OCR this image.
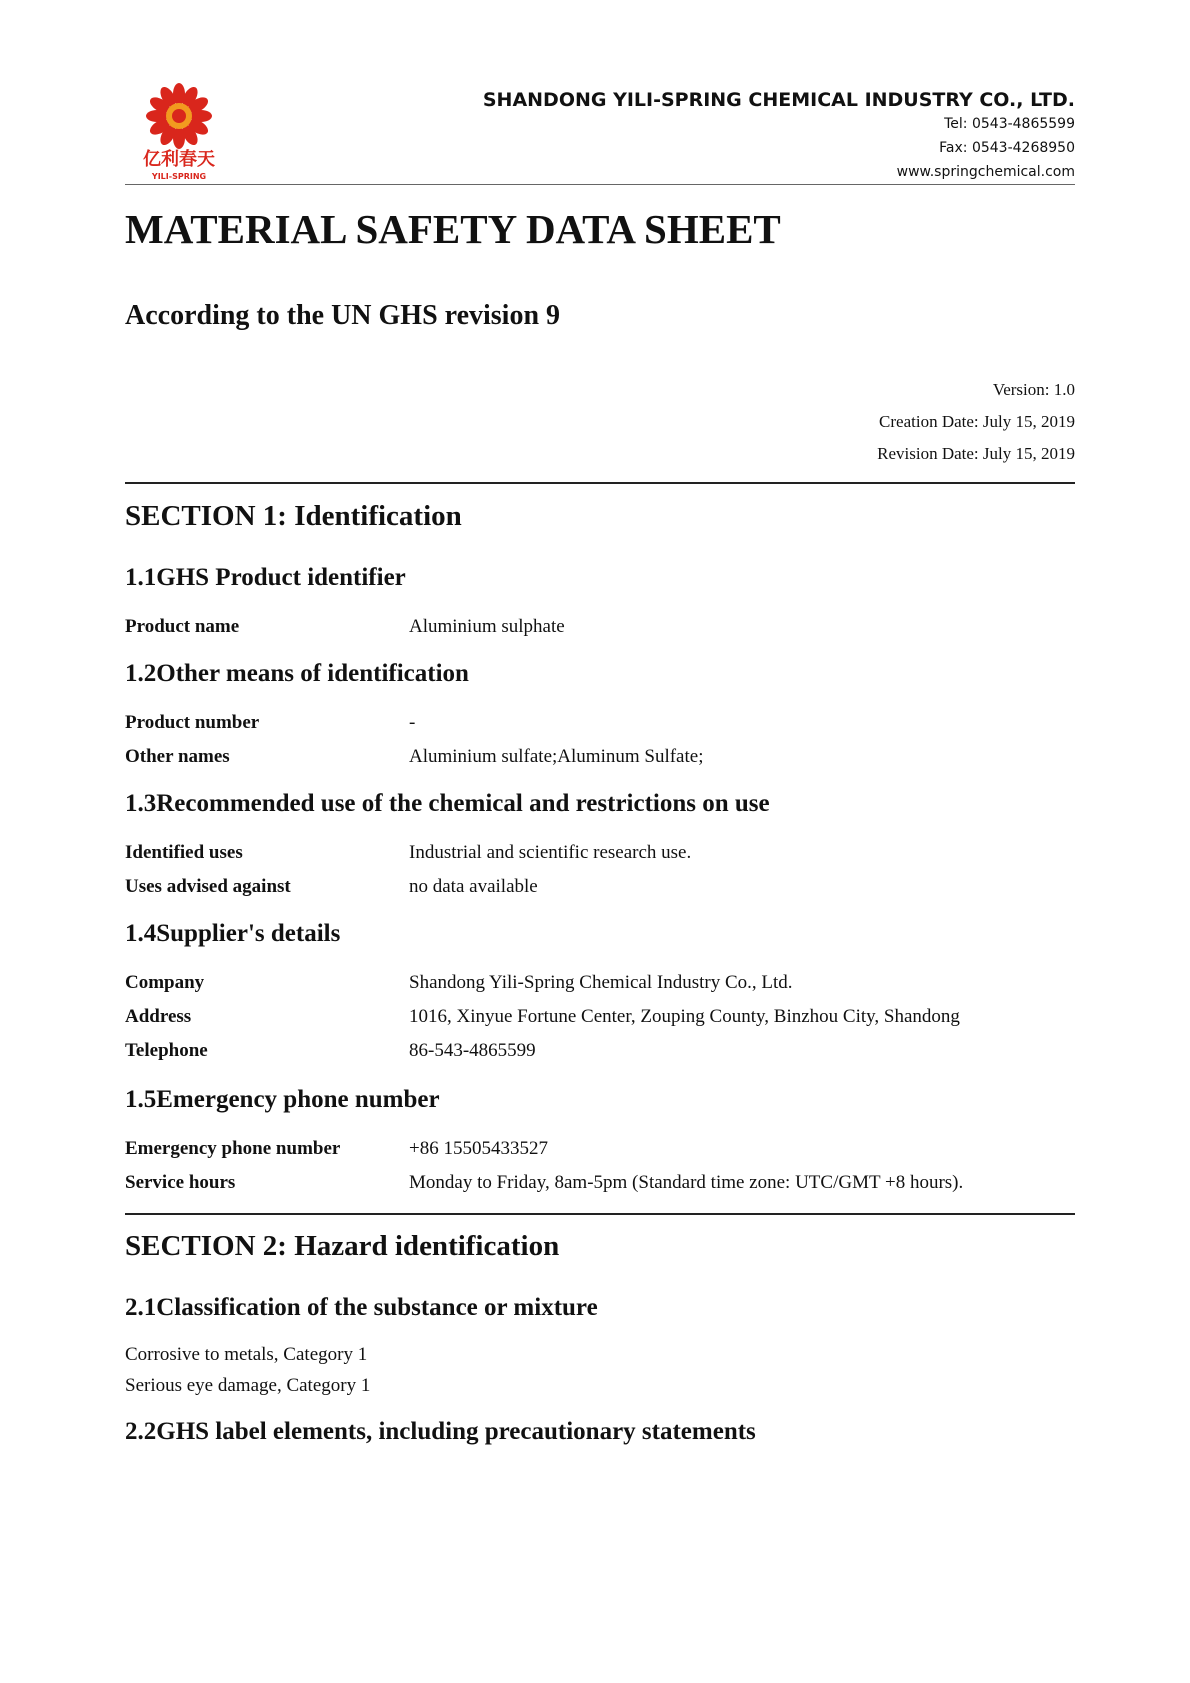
亿利春天
YILI-SPRING
SHANDONG YILI-SPRING CHEMICAL INDUSTRY CO., LTD.
Tel: 0543-4865599
Fax: 0543-4268950
www.springchemical.com
MATERIAL SAFETY DATA SHEET
According to the UN GHS revision 9
Version: 1.0
Creation Date: July 15, 2019
Revision Date: July 15, 2019
SECTION 1: Identification
1.1GHS Product identifier
Product name	Aluminium sulphate
1.2Other means of identification
Product number	-
Other names	Aluminium sulfate;Aluminum Sulfate;
1.3Recommended use of the chemical and restrictions on use
Identified uses	Industrial and scientific research use.
Uses advised against	no data available
1.4Supplier's details
Company	Shandong Yili-Spring Chemical Industry Co., Ltd.
Address	1016, Xinyue Fortune Center, Zouping County, Binzhou City, Shandong
Telephone	86-543-4865599
1.5Emergency phone number
Emergency phone number	+86 15505433527
Service hours	Monday to Friday, 8am-5pm (Standard time zone: UTC/GMT +8 hours).
SECTION 2: Hazard identification
2.1Classification of the substance or mixture
Corrosive to metals, Category 1
Serious eye damage, Category 1
2.2GHS label elements, including precautionary statements
